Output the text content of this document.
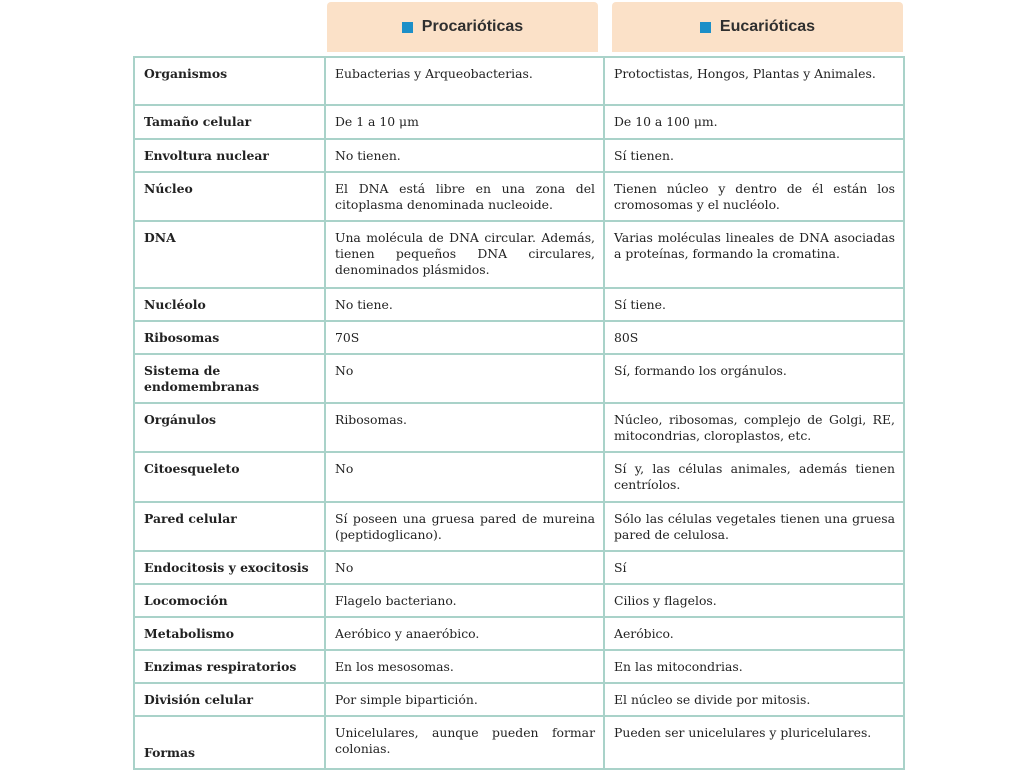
Procarióticas	Eucarióticas
Organismos	Eubacterias y Arqueobacterias.	Protoctistas, Hongos, Plantas y Animales.
Tamaño celular	De 1 a 10 μm	De 10 a 100 μm.
Envoltura nuclear	No tienen.	Sí tienen.
Núcleo	El DNA está libre en una zona del citoplasma denominada nucleoide.	Tienen núcleo y dentro de él están los cromosomas y el nucléolo.
DNA	Una molécula de DNA circular. Además, tienen pequeños DNA circulares, denominados plásmidos.	Varias moléculas lineales de DNA asociadas a proteínas, formando la cromatina.
Nucléolo	No tiene.	Sí tiene.
Ribosomas	70S	80S
Sistema de endomembranas	No	Sí, formando los orgánulos.
Orgánulos	Ribosomas.	Núcleo, ribosomas, complejo de Golgi, RE, mitocondrias, cloroplastos, etc.
Citoesqueleto	No	Sí y, las células animales, además tienen centríolos.
Pared celular	Sí poseen una gruesa pared de mureina (peptidoglicano).	Sólo las células vegetales tienen una gruesa pared de celulosa.
Endocitosis y exocitosis	No	Sí
Locomoción	Flagelo bacteriano.	Cilios y flagelos.
Metabolismo	Aeróbico y anaeróbico.	Aeróbico.
Enzimas respiratorios	En los mesosomas.	En las mitocondrias.
División celular	Por simple bipartición.	El núcleo se divide por mitosis.
Formas	Unicelulares, aunque pueden formar colonias.	Pueden ser unicelulares y pluricelulares.
